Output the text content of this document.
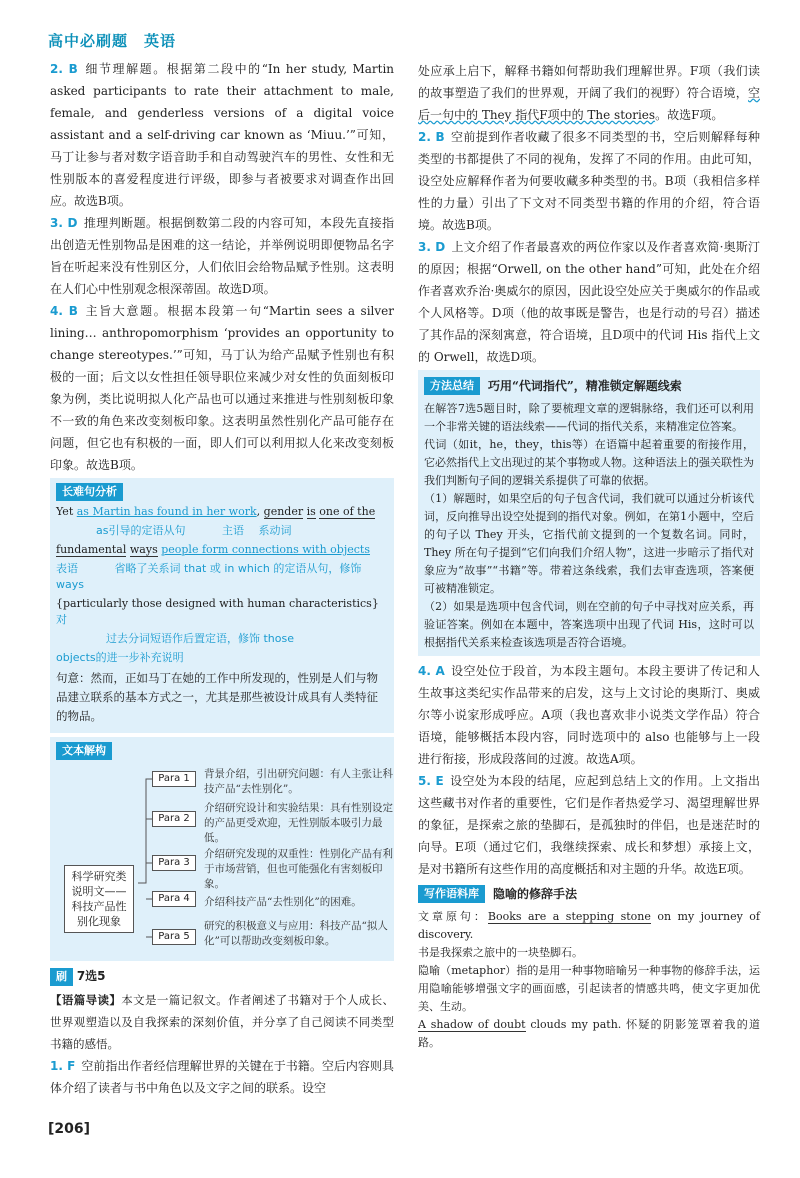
高中必刷题　英语

2. B 细节理解题。根据第二段中的“In her study, Martin asked participants to rate their attachment to male, female, and genderless versions of a digital voice assistant and a self-driving car known as ‘Miuu.’”可知，马丁让参与者对数字语音助手和自动驾驶汽车的男性、女性和无性别版本的喜爱程度进行评级，即参与者被要求对调查作出回应。故选B项。

3. D 推理判断题。根据倒数第二段的内容可知，本段先直接指出创造无性别物品是困难的这一结论，并举例说明即便物品名字旨在听起来没有性别区分，人们依旧会给物品赋予性别。这表明在人们心中性别观念根深蒂固。故选D项。

4. B 主旨大意题。根据本段第一句“Martin sees a silver lining… anthropomorphism ‘provides an opportunity to change stereotypes.’”可知，马丁认为给产品赋予性别也有积极的一面；后文以女性担任领导职位来减少对女性的负面刻板印象为例，类比说明拟人化产品也可以通过来推进与性别刻板印象不一致的角色来改变刻板印象。这表明虽然性别化产品可能存在问题，但它也有积极的一面，即人们可以利用拟人化来改变刻板印象。故选B项。

长难句分析
Yet as Martin has found in her work, gender is one of the
as引导的定语从句　　　	主语　 系动词
fundamental ways people form connections with objects
表语　　　	省略了关系词 that 或 in which 的定语从句，修饰 ways
{particularly those designed with human characteristics} 对
过去分词短语作后置定语，修饰 those
objects的进一步补充说明
句意：然而，正如马丁在她的工作中所发现的，性别是人们与物品建立联系的基本方式之一，尤其是那些被设计成具有人类特征的物品。
文本解构
科学研究类说明文——科技产品性别化现象
Para 1
Para 2
Para 3
Para 4
Para 5
背景介绍，引出研究问题：有人主张让科技产品“去性别化”。
介绍研究设计和实验结果：具有性别设定的产品更受欢迎，无性别版本吸引力最低。
介绍研究发现的双重性：性别化产品有利于市场营销，但也可能强化有害刻板印象。
介绍科技产品“去性别化”的困难。
研究的积极意义与应用：科技产品“拟人化”可以帮助改变刻板印象。
刷 7选5

【语篇导读】本文是一篇记叙文。作者阐述了书籍对于个人成长、世界观塑造以及自我探索的深刻价值，并分享了自己阅读不同类型书籍的感悟。

1. F 空前指出作者经信理解世界的关键在于书籍。空后内容则具体介绍了读者与书中角色以及文字之间的联系。设空

处应承上启下，解释书籍如何帮助我们理解世界。F项（我们读的故事塑造了我们的世界观，开阔了我们的视野）符合语境，空后一句中的 They 指代F项中的 The stories。故选F项。

2. B 空前提到作者收藏了很多不同类型的书，空后则解释每种类型的书都提供了不同的视角，发挥了不同的作用。由此可知，设空处应解释作者为何要收藏多种类型的书。B项（我相信多样性的力量）引出了下文对不同类型书籍的作用的介绍，符合语境。故选B项。

3. D 上文介绍了作者最喜欢的两位作家以及作者喜欢简·奥斯汀的原因；根据“Orwell, on the other hand”可知，此处在介绍作者喜欢乔治·奥威尔的原因，因此设空处应关于奥威尔的作品或个人风格等。D项（他的故事既是警告，也是行动的号召）描述了其作品的深刻寓意，符合语境，且D项中的代词 His 指代上文的 Orwell，故选D项。

方法总结	巧用“代词指代”，精准锁定解题线索

在解答7选5题目时，除了要梳理文章的逻辑脉络，我们还可以利用一个非常关键的语法线索——代词的指代关系，来精准定位答案。

代词（如it，he，they，this等）在语篇中起着重要的衔接作用，它必然指代上文出现过的某个事物或人物。这种语法上的强关联性为我们判断句子间的逻辑关系提供了可靠的依据。

（1）解题时，如果空后的句子包含代词，我们就可以通过分析该代词，反向推导出设空处提到的指代对象。例如，在第1小题中，空后的句子以 They 开头，它指代前文提到的一个复数名词。同时，They 所在句子提到“它们向我们介绍人物”，这进一步暗示了指代对象应为“故事”“书籍”等。带着这条线索，我们去审查选项，答案便可被精准锁定。

（2）如果是选项中包含代词，则在空前的句子中寻找对应关系，再验证答案。例如在本题中，答案选项中出现了代词 His，这时可以根据指代关系来检查该选项是否符合语境。

4. A 设空处位于段首，为本段主题句。本段主要讲了传记和人生故事这类纪实作品带来的启发，这与上文讨论的奥斯汀、奥威尔等小说家形成呼应。A项（我也喜欢非小说类文学作品）符合语境，能够概括本段内容，同时选项中的 also 也能够与上一段进行衔接，形成段落间的过渡。故选A项。

5. E 设空处为本段的结尾，应起到总结上文的作用。上文指出这些藏书对作者的重要性，它们是作者热爱学习、渴望理解世界的象征，是探索之旅的垫脚石，是孤独时的伴侣，也是迷茫时的向导。E项（通过它们，我继续探索、成长和梦想）承接上文，是对书籍所有这些作用的高度概括和对主题的升华。故选E项。

写作语料库	隐喻的修辞手法

文章原句：Books are a stepping stone on my journey of discovery.

书是我探索之旅中的一块垫脚石。

隐喻（metaphor）指的是用一种事物暗喻另一种事物的修辞手法，运用隐喻能够增强文字的画面感，引起读者的情感共鸣，使文字更加优美、生动。

A shadow of doubt clouds my path. 怀疑的阴影笼罩着我的道路。

[206]
